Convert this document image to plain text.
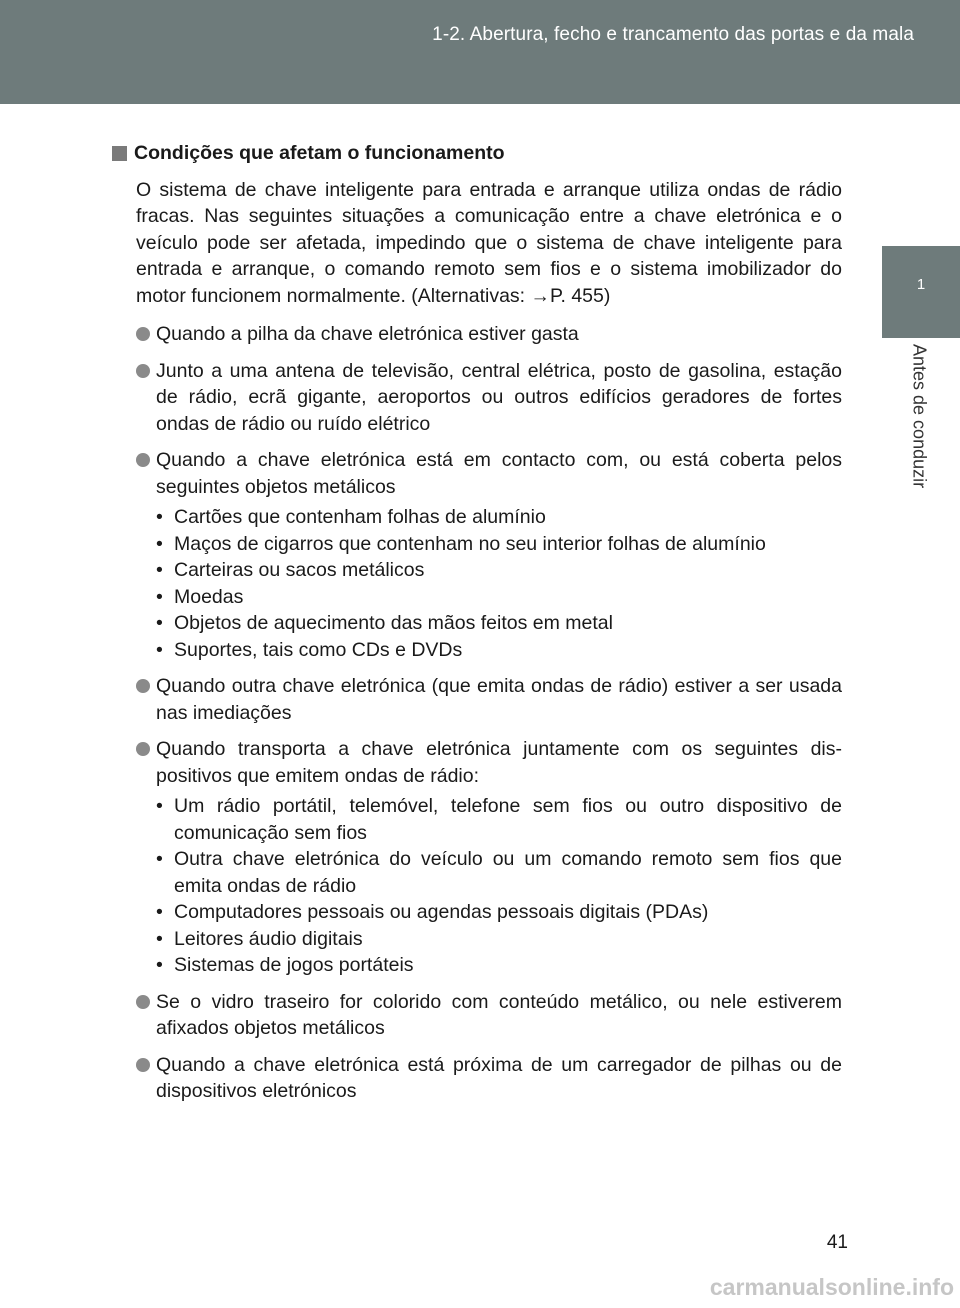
1-2. Abertura, fecho e trancamento das portas e da mala
1
Antes de conduzir
Condições que afetam o funcionamento

O sistema de chave inteligente para entrada e arranque utiliza ondas de rádio fracas. Nas seguintes situações a comunicação entre a chave eletrónica e o veículo pode ser afetada, impedindo que o sistema de chave inteligente para entrada e arranque, o comando remoto sem fios e o sistema imobilizador do motor funcionem normalmente. (Alternativas: →P. 455)

Quando a pilha da chave eletrónica estiver gasta
Junto a uma antena de televisão, central elétrica, posto de gasolina, estação de rádio, ecrã gigante, aeroportos ou outros edifícios geradores de fortes ondas de rádio ou ruído elétrico
Quando a chave eletrónica está em contacto com, ou está coberta pelos seguintes objetos metálicos
• Cartões que contenham folhas de alumínio
• Maços de cigarros que contenham no seu interior folhas de alumínio
• Carteiras ou sacos metálicos
• Moedas
• Objetos de aquecimento das mãos feitos em metal
• Suportes, tais como CDs e DVDs
Quando outra chave eletrónica (que emita ondas de rádio) estiver a ser usada nas imediações
Quando transporta a chave eletrónica juntamente com os seguintes dis-positivos que emitem ondas de rádio:
• Um rádio portátil, telemóvel, telefone sem fios ou outro dispositivo de comunicação sem fios
• Outra chave eletrónica do veículo ou um comando remoto sem fios que emita ondas de rádio
• Computadores pessoais ou agendas pessoais digitais (PDAs)
• Leitores áudio digitais
• Sistemas de jogos portáteis
Se o vidro traseiro for colorido com conteúdo metálico, ou nele estiverem afixados objetos metálicos
Quando a chave eletrónica está próxima de um carregador de pilhas ou de dispositivos eletrónicos
41
carmanualsonline.info
